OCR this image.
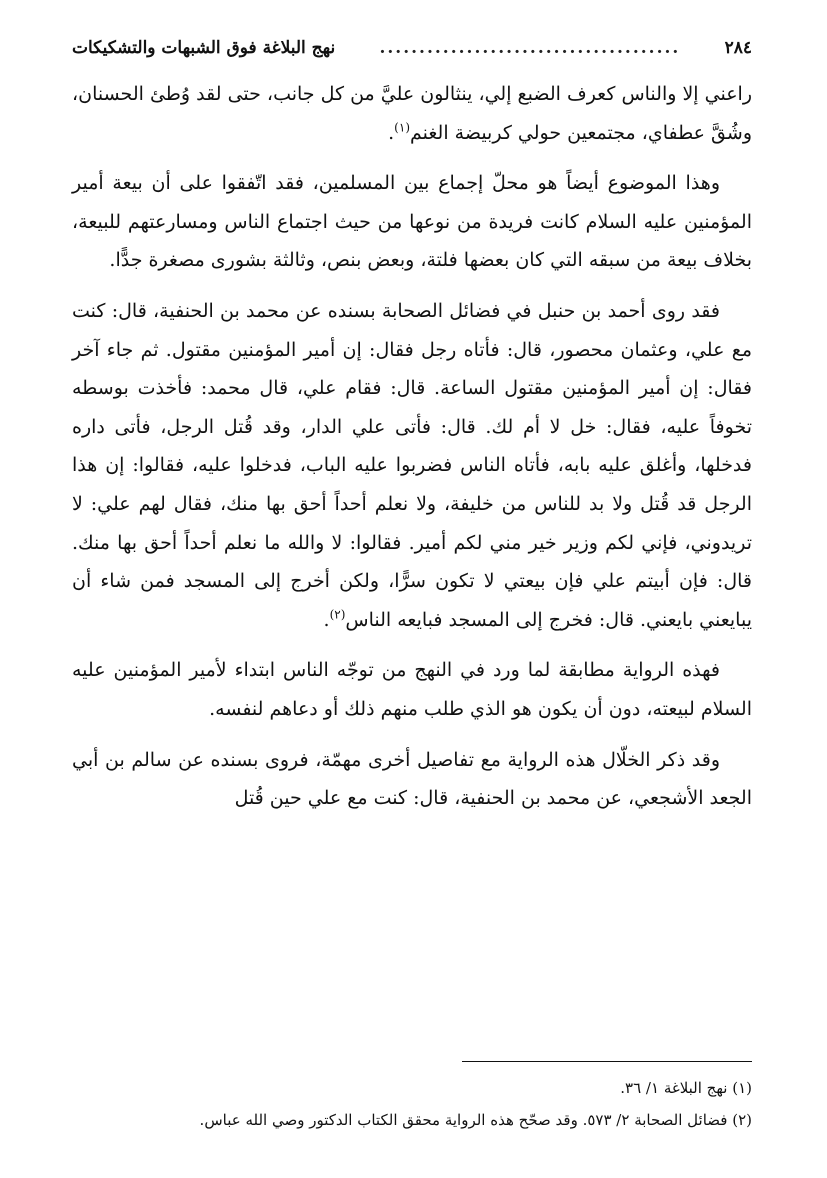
٢٨٤
......................................
نهج البلاغة فوق الشبهات والتشكيكات

راعني إلا والناس كعرف الضبع إلي، ينثالون عليَّ من كل جانب، حتى لقد وُطئ الحسنان، وشُقَّ عطفاي، مجتمعين حولي كربيضة الغنم$^{(١)}$.

وهذا الموضوع أيضاً هو محلّ إجماع بين المسلمين، فقد اتّفقوا على أن بيعة أمير المؤمنين عليه السلام كانت فريدة من نوعها من حيث اجتماع الناس ومسارعتهم للبيعة، بخلاف بيعة من سبقه التي كان بعضها فلتة، وبعض بنص، وثالثة بشورى مصغرة جدًّا.

فقد روى أحمد بن حنبل في فضائل الصحابة بسنده عن محمد بن الحنفية، قال: كنت مع علي، وعثمان محصور، قال: فأتاه رجل فقال: إن أمير المؤمنين مقتول. ثم جاء آخر فقال: إن أمير المؤمنين مقتول الساعة. قال: فقام علي، قال محمد: فأخذت بوسطه تخوفاً عليه، فقال: خل لا أم لك. قال: فأتى علي الدار، وقد قُتل الرجل، فأتى داره فدخلها، وأغلق عليه بابه، فأتاه الناس فضربوا عليه الباب، فدخلوا عليه، فقالوا: إن هذا الرجل قد قُتل ولا بد للناس من خليفة، ولا نعلم أحداً أحق بها منك، فقال لهم علي: لا تريدوني، فإني لكم وزير خير مني لكم أمير. فقالوا: لا والله ما نعلم أحداً أحق بها منك. قال: فإن أبيتم علي فإن بيعتي لا تكون سرًّا، ولكن أخرج إلى المسجد فمن شاء أن يبايعني بايعني. قال: فخرج إلى المسجد فبايعه الناس$^{(٢)}$.

فهذه الرواية مطابقة لما ورد في النهج من توجّه الناس ابتداء لأمير المؤمنين عليه السلام لبيعته، دون أن يكون هو الذي طلب منهم ذلك أو دعاهم لنفسه.

وقد ذكر الخلّال هذه الرواية مع تفاصيل أخرى مهمّة، فروى بسنده عن سالم بن أبي الجعد الأشجعي، عن محمد بن الحنفية، قال: كنت مع علي حين قُتل

(١) نهج البلاغة ١/ ٣٦.
(٢) فضائل الصحابة ٢/ ٥٧٣. وقد صحّح هذه الرواية محقق الكتاب الدكتور وصي الله عباس.
